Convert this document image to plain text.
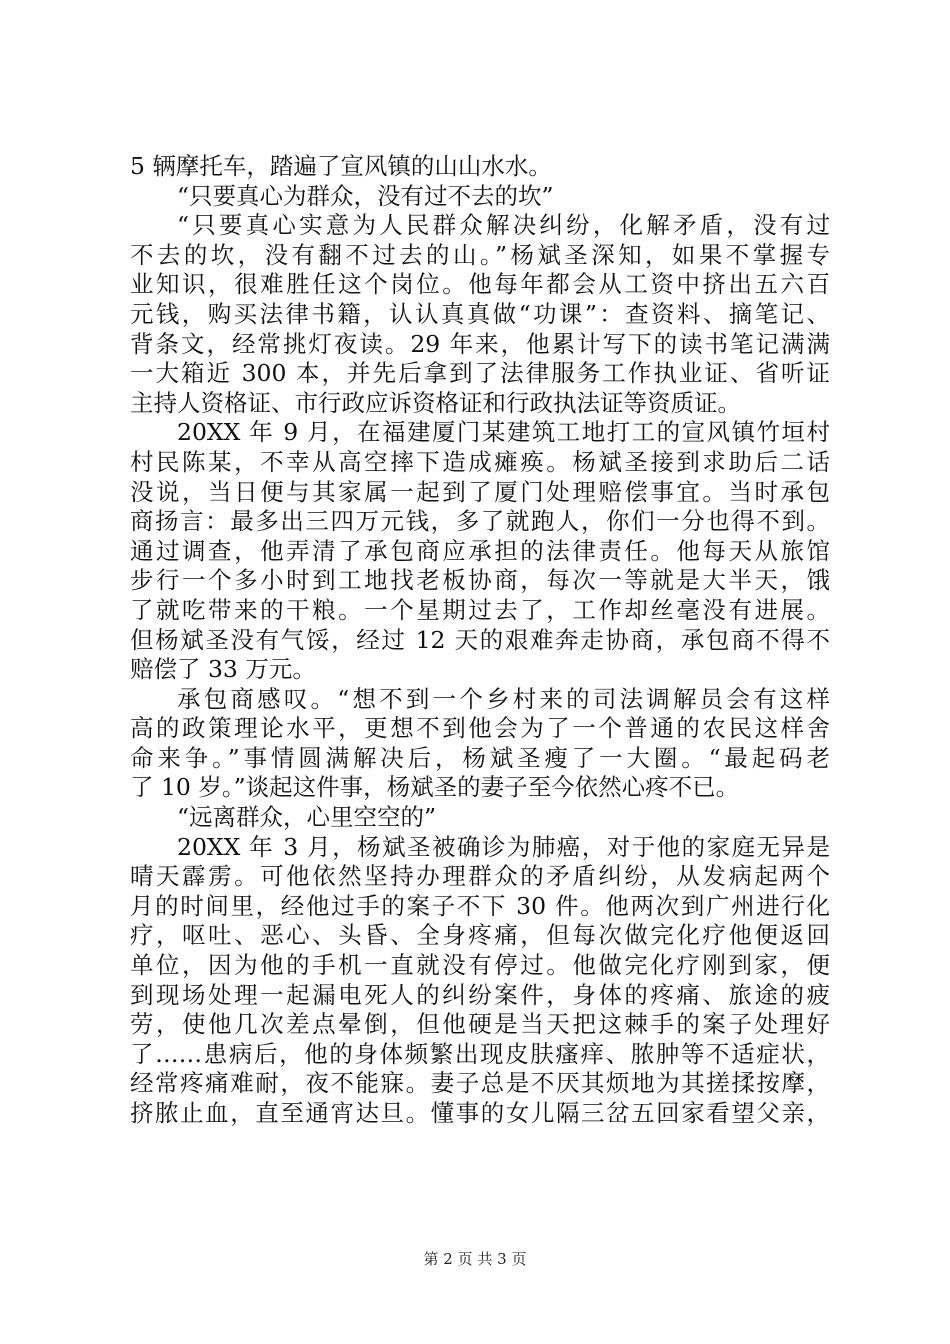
5 辆摩托车，踏遍了宣风镇的山山水水。
“只要真心为群众，没有过不去的坎”
“只要真心实意为人民群众解决纠纷，化解矛盾，没有过
不去的坎，没有翻不过去的山。”杨斌圣深知，如果不掌握专
业知识，很难胜任这个岗位。他每年都会从工资中挤出五六百
元钱，购买法律书籍，认认真真做“功课”：查资料、摘笔记、
背条文，经常挑灯夜读。29 年来，他累计写下的读书笔记满满
一大箱近 300 本，并先后拿到了法律服务工作执业证、省听证
主持人资格证、市行政应诉资格证和行政执法证等资质证。
20XX 年 9 月，在福建厦门某建筑工地打工的宣风镇竹垣村
村民陈某，不幸从高空摔下造成瘫痪。杨斌圣接到求助后二话
没说，当日便与其家属一起到了厦门处理赔偿事宜。当时承包
商扬言：最多出三四万元钱，多了就跑人，你们一分也得不到。
通过调查，他弄清了承包商应承担的法律责任。他每天从旅馆
步行一个多小时到工地找老板协商，每次一等就是大半天，饿
了就吃带来的干粮。一个星期过去了，工作却丝毫没有进展。
但杨斌圣没有气馁，经过 12 天的艰难奔走协商，承包商不得不
赔偿了 33 万元。
承包商感叹。“想不到一个乡村来的司法调解员会有这样
高的政策理论水平，更想不到他会为了一个普通的农民这样舍
命来争。”事情圆满解决后，杨斌圣瘦了一大圈。“最起码老
了 10 岁。”谈起这件事，杨斌圣的妻子至今依然心疼不已。
“远离群众，心里空空的”
20XX 年 3 月，杨斌圣被确诊为肺癌，对于他的家庭无异是
晴天霹雳。可他依然坚持办理群众的矛盾纠纷，从发病起两个
月的时间里，经他过手的案子不下 30 件。他两次到广州进行化
疗，呕吐、恶心、头昏、全身疼痛，但每次做完化疗他便返回
单位，因为他的手机一直就没有停过。他做完化疗刚到家，便
到现场处理一起漏电死人的纠纷案件，身体的疼痛、旅途的疲
劳，使他几次差点晕倒，但他硬是当天把这棘手的案子处理好
了……患病后，他的身体频繁出现皮肤瘙痒、脓肿等不适症状，
经常疼痛难耐，夜不能寐。妻子总是不厌其烦地为其搓揉按摩，
挤脓止血，直至通宵达旦。懂事的女儿隔三岔五回家看望父亲，
第 2 页 共 3 页
